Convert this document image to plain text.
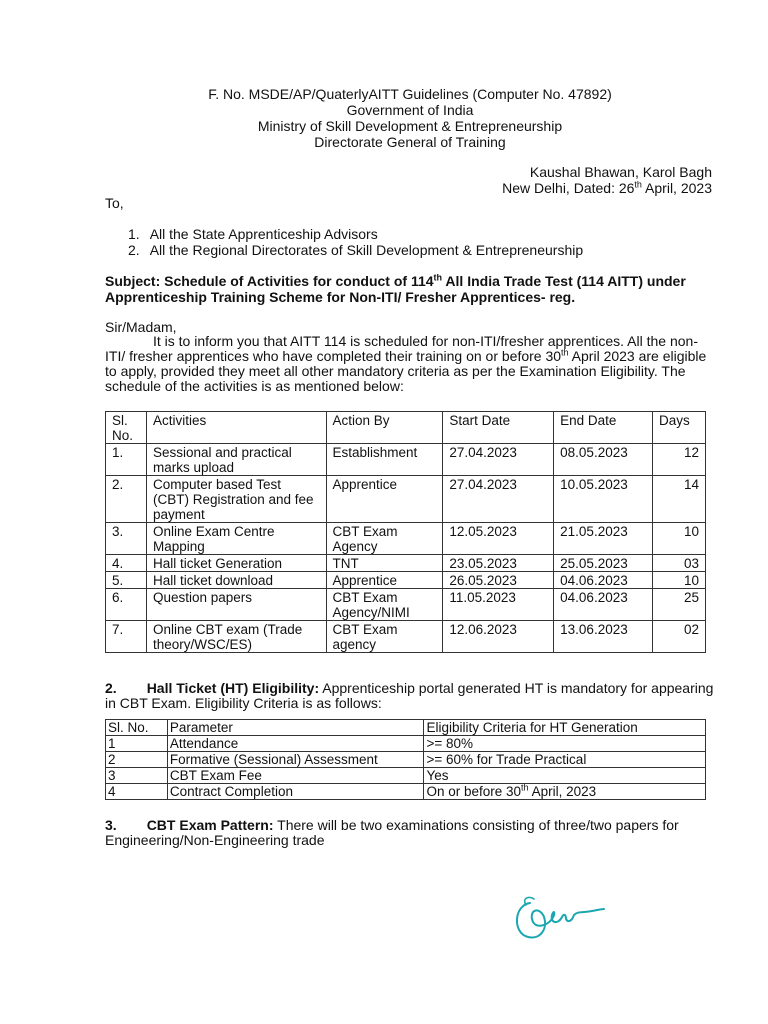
F. No. MSDE/AP/QuaterlyAITT Guidelines (Computer No. 47892)
Government of India
Ministry of Skill Development & Entrepreneurship
Directorate General of Training
Kaushal Bhawan, Karol Bagh
New Delhi, Dated: 26th April, 2023
To,
1. All the State Apprenticeship Advisors
2. All the Regional Directorates of Skill Development & Entrepreneurship
Subject: Schedule of Activities for conduct of 114th All India Trade Test (114 AITT) under Apprenticeship Training Scheme for Non-ITI/ Fresher Apprentices- reg.
Sir/Madam,
It is to inform you that AITT 114 is scheduled for non-ITI/fresher apprentices. All the non-ITI/ fresher apprentices who have completed their training on or before 30th April 2023 are eligible to apply, provided they meet all other mandatory criteria as per the Examination Eligibility. The schedule of the activities is as mentioned below:
Sl. No.	Activities	Action By	Start Date	End Date	Days
1.	Sessional and practical marks upload	Establishment	27.04.2023	08.05.2023	12
2.	Computer based Test (CBT) Registration and fee payment	Apprentice	27.04.2023	10.05.2023	14
3.	Online Exam Centre Mapping	CBT Exam Agency	12.05.2023	21.05.2023	10
4.	Hall ticket Generation	TNT	23.05.2023	25.05.2023	03
5.	Hall ticket download	Apprentice	26.05.2023	04.06.2023	10
6.	Question papers	CBT Exam Agency/NIMI	11.05.2023	04.06.2023	25
7.	Online CBT exam (Trade theory/WSC/ES)	CBT Exam agency	12.06.2023	13.06.2023	02
2. Hall Ticket (HT) Eligibility: Apprenticeship portal generated HT is mandatory for appearing in CBT Exam. Eligibility Criteria is as follows:
Sl. No.	Parameter	Eligibility Criteria for HT Generation
1	Attendance	>= 80%
2	Formative (Sessional) Assessment	>= 60% for Trade Practical
3	CBT Exam Fee	Yes
4	Contract Completion	On or before 30th April, 2023
3. CBT Exam Pattern: There will be two examinations consisting of three/two papers for Engineering/Non-Engineering trade
